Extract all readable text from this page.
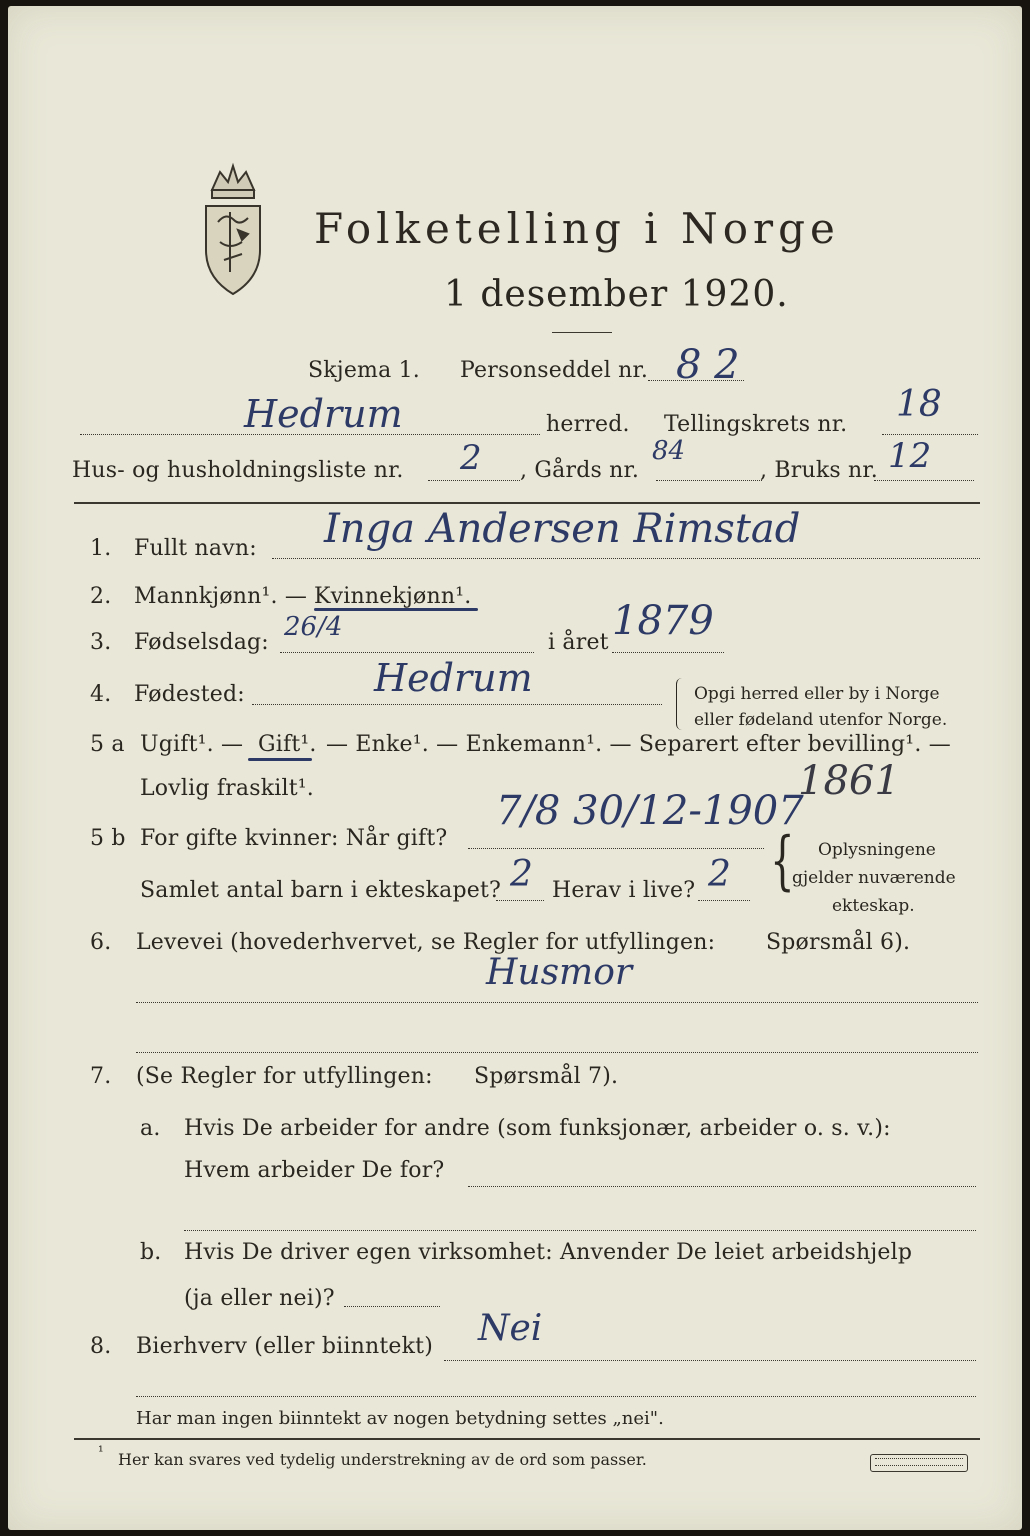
Folketelling i Norge
1 desember 1920.

Skjema 1. Personseddel nr. 8 2
Hedrum	herred. Tellingskrets nr. 18
Hus- og husholdningsliste nr. 2 , Gårds nr.
84
, Bruks nr. 12
1. Fullt navn: Inga Andersen Rimstad
2. Mannkjønn¹. — Kvinnekjønn¹.
3. Fødselsdag:
26/4
i året 1879
4. Fødested:	Hedrum	Opgi herred eller by i Norge
eller fødeland utenfor Norge.
5 a Ugift¹. — Gift¹. — Enke¹. — Enkemann¹. — Separert efter bevilling¹. —
Lovlig fraskilt¹.
5 b For gifte kvinner: Når gift?
7/8 30/12-1907
1861
Samlet antal barn i ekteskapet? 2 Herav i live? 2 { Oplysningene
gjelder nuværende
ekteskap.
6. Levevei (hovederhvervet, se Regler for utfyllingen: Spørsmål 6).
Husmor
7. (Se Regler for utfyllingen: Spørsmål 7).
a. Hvis De arbeider for andre (som funksjonær, arbeider o. s. v.):
Hvem arbeider De for?
b. Hvis De driver egen virksomhet: Anvender De leiet arbeidshjelp
(ja eller nei)?
8. Bierhverv (eller biinntekt) Nei
Har man ingen biinntekt av nogen betydning settes „nei".
¹ Her kan svares ved tydelig understrekning av de ord som passer.
